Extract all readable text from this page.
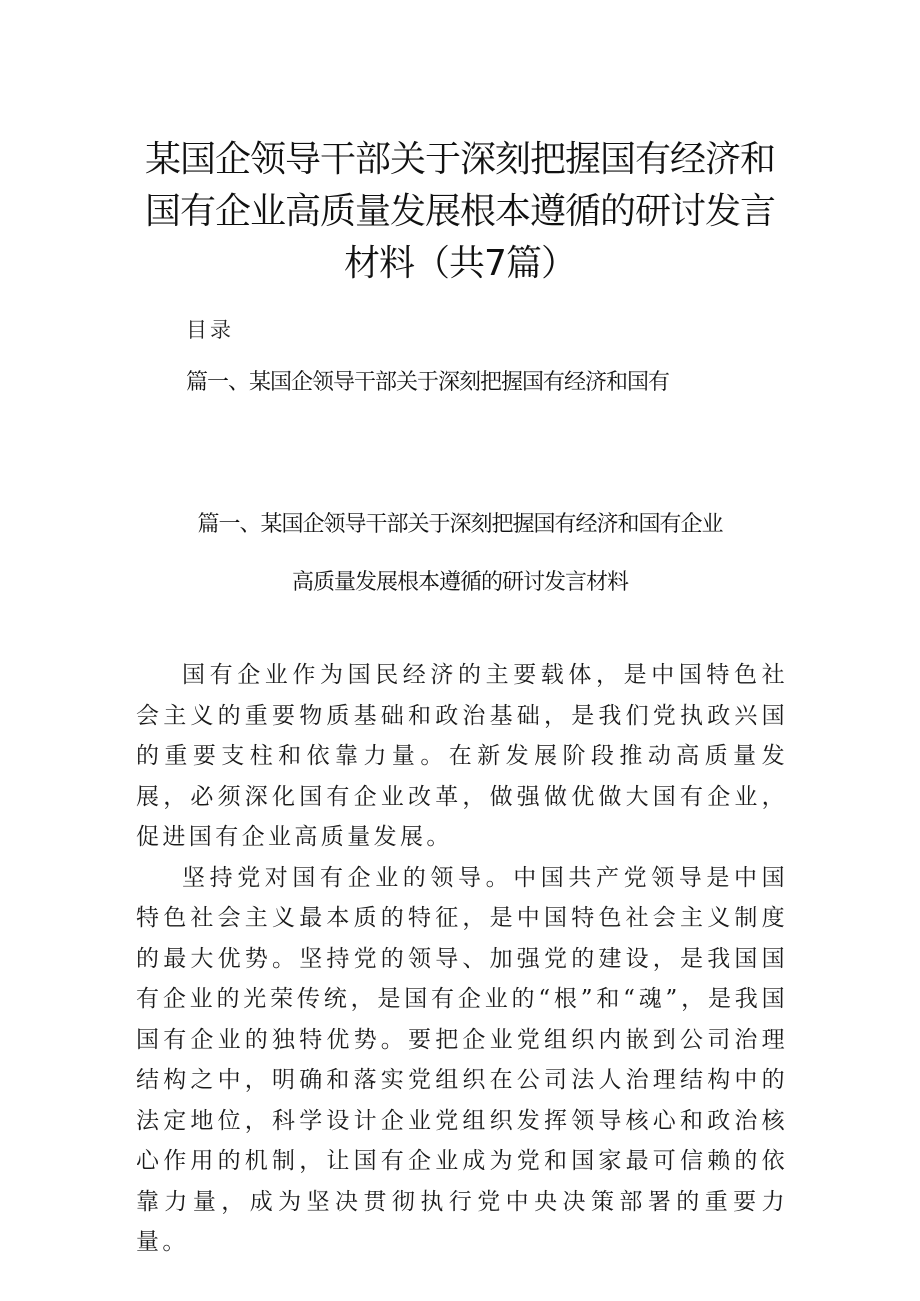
某国企领导干部关于深刻把握国有经济和
国有企业高质量发展根本遵循的研讨发言
材料（共7篇）
目录
篇一、某国企领导干部关于深刻把握国有经济和国有
篇一、某国企领导干部关于深刻把握国有经济和国有企业
高质量发展根本遵循的研讨发言材料

国有企业作为国民经济的主要载体，是中国特色社会主义的重要物质基础和政治基础，是我们党执政兴国的重要支柱和依靠力量。在新发展阶段推动高质量发展，必须深化国有企业改革，做强做优做大国有企业，促进国有企业高质量发展。

坚持党对国有企业的领导。中国共产党领导是中国特色社会主义最本质的特征，是中国特色社会主义制度的最大优势。坚持党的领导、加强党的建设，是我国国有企业的光荣传统，是国有企业的“根”和“魂”，是我国国有企业的独特优势。要把企业党组织内嵌到公司治理结构之中，明确和落实党组织在公司法人治理结构中的法定地位，科学设计企业党组织发挥领导核心和政治核心作用的机制，让国有企业成为党和国家最可信赖的依靠力量，成为坚决贯彻执行党中央决策部署的重要力量。
